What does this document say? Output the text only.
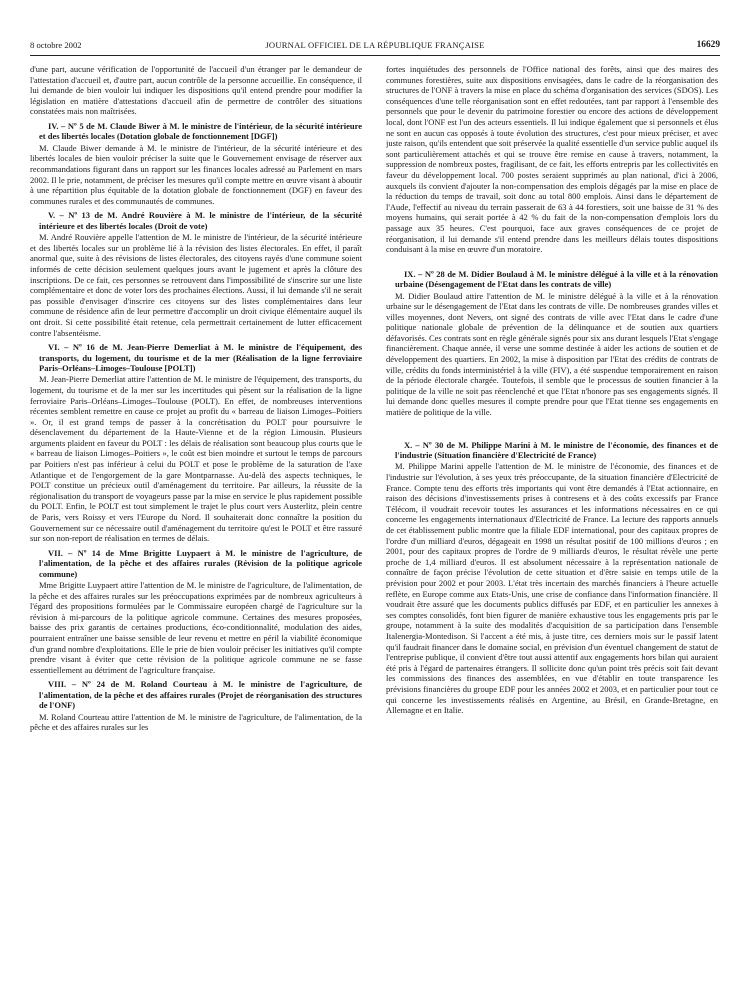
8 octobre 2002	JOURNAL OFFICIEL DE LA RÉPUBLIQUE FRANÇAISE	16629

d'une part, aucune vérification de l'opportunité de l'accueil d'un étranger par le demandeur de l'attestation d'accueil et, d'autre part, aucun contrôle de la personne accueillie. En conséquence, il lui demande de bien vouloir lui indiquer les dispositions qu'il entend prendre pour modifier la législation en matière d'attestations d'accueil afin de permettre de contrôler des situations constatées mais non maîtrisées.

IV. – Nº 5 de M. Claude Biwer à M. le ministre de l'intérieur, de la sécurité intérieure et des libertés locales (Dotation globale de fonctionnement [DGF])

M. Claude Biwer demande à M. le ministre de l'intérieur, de la sécurité intérieure et des libertés locales de bien vouloir préciser la suite que le Gouvernement envisage de réserver aux recommandations figurant dans un rapport sur les finances locales adressé au Parlement en mars 2002. Il le prie, notamment, de préciser les mesures qu'il compte mettre en œuvre visant à aboutir à une répartition plus équitable de la dotation globale de fonctionnement (DGF) en faveur des communes rurales et des communautés de communes.

V. – Nº 13 de M. André Rouvière à M. le ministre de l'intérieur, de la sécurité intérieure et des libertés locales (Droit de vote)

M. André Rouvière appelle l'attention de M. le ministre de l'intérieur, de la sécurité intérieure et des libertés locales sur un problème lié à la révision des listes électorales. En effet, il paraît anormal que, suite à des révisions de listes électorales, des citoyens rayés d'une commune soient informés de cette décision seulement quelques jours avant le jugement et après la clôture des inscriptions. De ce fait, ces personnes se retrouvent dans l'impossibilité de s'inscrire sur une liste complémentaire et donc de voter lors des prochaines élections. Aussi, il lui demande s'il ne serait pas possible d'envisager d'inscrire ces citoyens sur des listes complémentaires dans leur commune de résidence afin de leur permettre d'accomplir un droit civique élémentaire auquel ils ont droit. Si cette possibilité était retenue, cela permettrait certainement de lutter efficacement contre l'absentéisme.

VI. – Nº 16 de M. Jean-Pierre Demerliat à M. le ministre de l'équipement, des transports, du logement, du tourisme et de la mer (Réalisation de la ligne ferroviaire Paris–Orléans–Limoges–Toulouse [POLT])

M. Jean-Pierre Demerliat attire l'attention de M. le ministre de l'équipement, des transports, du logement, du tourisme et de la mer sur les incertitudes qui pèsent sur la réalisation de la ligne ferroviaire Paris–Orléans–Limoges–Toulouse (POLT). En effet, de nombreuses interventions récentes semblent remettre en cause ce projet au profit du « barreau de liaison Limoges–Poitiers ». Or, il est grand temps de passer à la concrétisation du POLT pour poursuivre le désenclavement du département de la Haute-Vienne et de la région Limousin. Plusieurs arguments plaident en faveur du POLT : les délais de réalisation sont beaucoup plus courts que le « barreau de liaison Limoges–Poitiers », le coût est bien moindre et surtout le temps de parcours par Poitiers n'est pas inférieur à celui du POLT et pose le problème de la saturation de l'axe Atlantique et de l'engorgement de la gare Montparnasse. Au-delà des aspects techniques, le POLT constitue un précieux outil d'aménagement du territoire. Par ailleurs, la réussite de la régionalisation du transport de voyageurs passe par la mise en service le plus rapidement possible du POLT. Enfin, le POLT est tout simplement le trajet le plus court vers Austerlitz, plein centre de Paris, vers Roissy et vers l'Europe du Nord. Il souhaiterait donc connaître la position du Gouvernement sur ce nécessaire outil d'aménagement du territoire qu'est le POLT et être rassuré sur son non-report de réalisation en termes de délais.

VII. – Nº 14 de Mme Brigitte Luypaert à M. le ministre de l'agriculture, de l'alimentation, de la pêche et des affaires rurales (Révision de la politique agricole commune)

Mme Brigitte Luypaert attire l'attention de M. le ministre de l'agriculture, de l'alimentation, de la pêche et des affaires rurales sur les préoccupations exprimées par de nombreux agriculteurs à l'égard des propositions formulées par le Commissaire européen chargé de l'agriculture sur la révision à mi-parcours de la politique agricole commune. Certaines des mesures proposées, baisse des prix garantis de certaines productions, éco-conditionnalité, modulation des aides, pourraient entraîner une baisse sensible de leur revenu et mettre en péril la viabilité économique d'un grand nombre d'exploitations. Elle le prie de bien vouloir préciser les initiatives qu'il compte prendre visant à éviter que cette révision de la politique agricole commune ne se fasse essentiellement au détriment de l'agriculture française.

VIII. – Nº 24 de M. Roland Courteau à M. le ministre de l'agriculture, de l'alimentation, de la pêche et des affaires rurales (Projet de réorganisation des structures de l'ONF)

M. Roland Courteau attire l'attention de M. le ministre de l'agriculture, de l'alimentation, de la pêche et des affaires rurales sur les

fortes inquiétudes des personnels de l'Office national des forêts, ainsi que des maires des communes forestières, suite aux dispositions envisagées, dans le cadre de la réorganisation des structures de l'ONF à travers la mise en place du schéma d'organisation des services (SDOS). Les conséquences d'une telle réorganisation sont en effet redoutées, tant par rapport à l'ensemble des personnels que pour le devenir du patrimoine forestier ou encore des actions de développement local, dont l'ONF est l'un des acteurs essentiels. Il lui indique également que si personnels et élus ne sont en aucun cas opposés à toute évolution des structures, c'est pour mieux préciser, et avec juste raison, qu'ils entendent que soit préservée la qualité essentielle d'un service public auquel ils sont particulièrement attachés et qui se trouve être remise en cause à travers, notamment, la suppression de nombreux postes, fragilisant, de ce fait, les efforts entrepris par les collectivités en faveur du développement local. 700 postes seraient supprimés au plan national, d'ici à 2006, auxquels ils convient d'ajouter la non-compensation des emplois dégagés par la mise en place de la réduction du temps de travail, soit donc au total 800 emplois. Ainsi dans le département de l'Aude, l'effectif au niveau du terrain passerait de 63 à 44 forestiers, soit une baisse de 31 % des moyens humains, qui serait portée à 42 % du fait de la non-compensation d'emplois lors du passage aux 35 heures. C'est pourquoi, face aux graves conséquences de ce projet de réorganisation, il lui demande s'il entend prendre dans les meilleurs délais toutes dispositions conduisant à la mise en œuvre d'un moratoire.

IX. – Nº 28 de M. Didier Boulaud à M. le ministre délégué à la ville et à la rénovation urbaine (Désengagement de l'Etat dans les contrats de ville)

M. Didier Boulaud attire l'attention de M. le ministre délégué à la ville et à la rénovation urbaine sur le désengagement de l'Etat dans les contrats de ville. De nombreuses grandes villes et villes moyennes, dont Nevers, ont signé des contrats de ville avec l'Etat dans le cadre d'une politique nationale globale de prévention de la délinquance et de soutien aux quartiers défavorisés. Ces contrats sont en règle générale signés pour six ans durant lesquels l'Etat s'engage financièrement. Chaque année, il verse une somme destinée à aider les actions de soutien et de développement des quartiers. En 2002, la mise à disposition par l'Etat des crédits de contrats de ville, crédits du fonds interministériel à la ville (FIV), a été suspendue temporairement en raison de la période électorale chargée. Toutefois, il semble que le processus de soutien financier à la politique de la ville ne soit pas réenclenché et que l'Etat n'honore pas ses engagements signés. Il lui demande donc quelles mesures il compte prendre pour que l'Etat tienne ses engagements en matière de politique de la ville.

X. – Nº 30 de M. Philippe Marini à M. le ministre de l'économie, des finances et de l'industrie (Situation financière d'Electricité de France)

M. Philippe Marini appelle l'attention de M. le ministre de l'économie, des finances et de l'industrie sur l'évolution, à ses yeux très préoccupante, de la situation financière d'Electricité de France. Compte tenu des efforts très importants qui vont être demandés à l'Etat actionnaire, en raison des décisions d'investissements prises à contresens et à des coûts excessifs par France Télécom, il voudrait recevoir toutes les assurances et les informations nécessaires en ce qui concerne les engagements internationaux d'Electricité de France. La lecture des rapports annuels de cet établissement public montre que la filiale EDF international, pour des capitaux propres de l'ordre d'un milliard d'euros, dégageait en 1998 un résultat positif de 100 millions d'euros ; en 2001, pour des capitaux propres de l'ordre de 9 milliards d'euros, le résultat révèle une perte proche de 1,4 milliard d'euros. Il est absolument nécessaire à la représentation nationale de connaître de façon précise l'évolution de cette situation et d'être saisie en temps utile de la prévision pour 2002 et pour 2003. L'état très incertain des marchés financiers à l'heure actuelle reflète, en Europe comme aux Etats-Unis, une crise de confiance dans l'information financière. Il voudrait être assuré que les documents publics diffusés par EDF, et en particulier les annexes à ses comptes consolidés, font bien figurer de manière exhaustive tous les engagements pris par le groupe, notamment à la suite des modalités d'acquisition de sa participation dans l'ensemble Italenergia-Montedison. Si l'accent a été mis, à juste titre, ces derniers mois sur le passif latent qu'il faudrait financer dans le domaine social, en prévision d'un éventuel changement de statut de l'entreprise publique, il convient d'être tout aussi attentif aux engagements hors bilan qui auraient été pris à l'égard de partenaires étrangers. Il sollicite donc qu'un point très précis soit fait devant les commissions des finances des assemblées, en vue d'établir en toute transparence les prévisions financières du groupe EDF pour les années 2002 et 2003, et en particulier pour tout ce qui concerne les investissements réalisés en Argentine, au Brésil, en Grande-Bretagne, en Allemagne et en Italie.
